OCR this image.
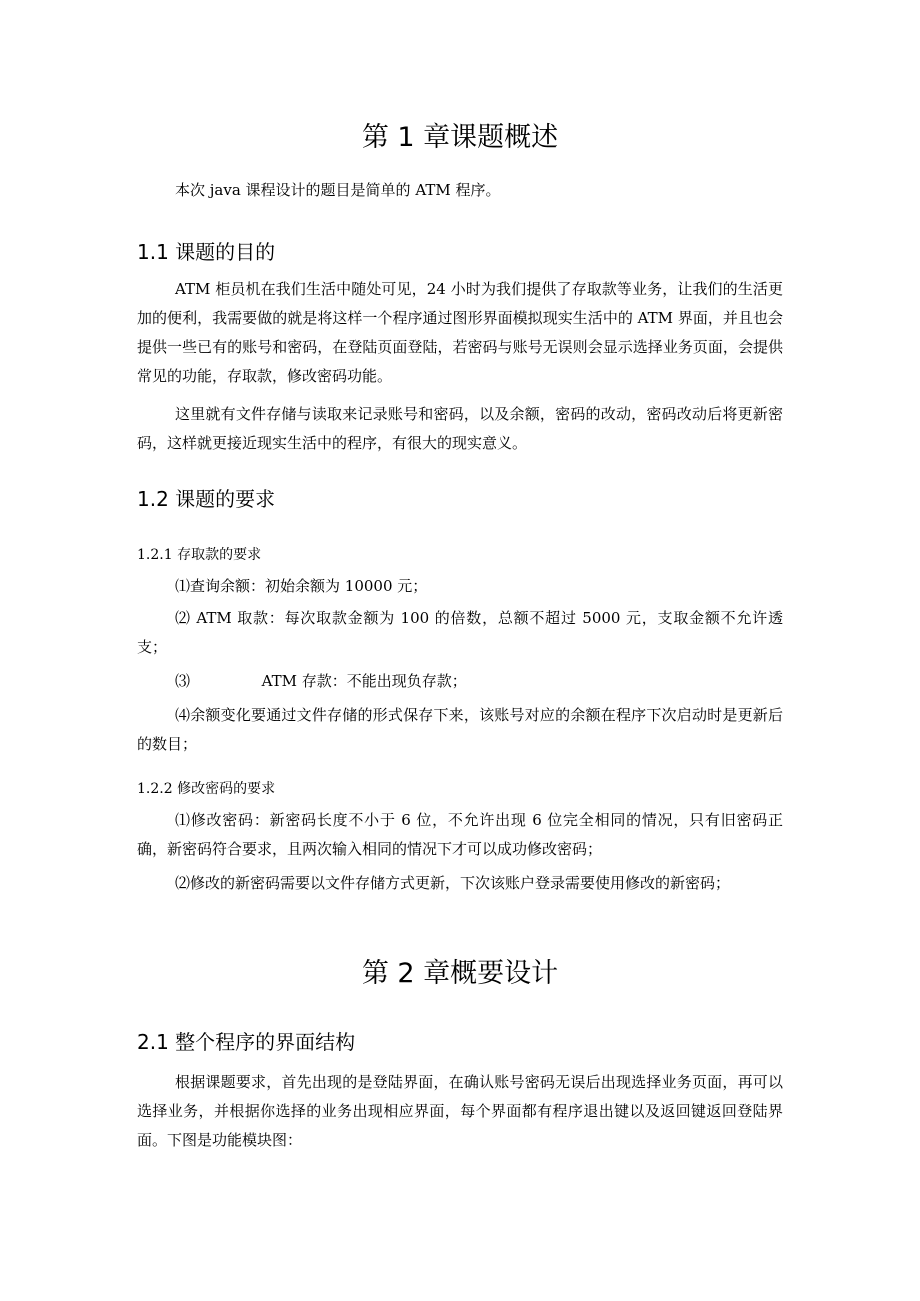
第 1 章课题概述

本次 java 课程设计的题目是简单的 ATM 程序。

1.1 课题的目的

ATM 柜员机在我们生活中随处可见，24 小时为我们提供了存取款等业务，让我们的生活更加的便利，我需要做的就是将这样一个程序通过图形界面模拟现实生活中的 ATM 界面，并且也会提供一些已有的账号和密码，在登陆页面登陆，若密码与账号无误则会显示选择业务页面，会提供常见的功能，存取款，修改密码功能。

这里就有文件存储与读取来记录账号和密码，以及余额，密码的改动，密码改动后将更新密码，这样就更接近现实生活中的程序，有很大的现实意义。

1.2 课题的要求
1.2.1 存取款的要求

⑴查询余额：初始余额为 10000 元；

⑵ ATM 取款：每次取款金额为 100 的倍数，总额不超过 5000 元，支取金额不允许透支；

⑶	ATM 存款：不能出现负存款；

⑷余额变化要通过文件存储的形式保存下来，该账号对应的余额在程序下次启动时是更新后的数目；

1.2.2 修改密码的要求

⑴修改密码：新密码长度不小于 6 位，不允许出现 6 位完全相同的情况，只有旧密码正确，新密码符合要求，且两次输入相同的情况下才可以成功修改密码；

⑵修改的新密码需要以文件存储方式更新，下次该账户登录需要使用修改的新密码；

第 2 章概要设计
2.1 整个程序的界面结构

根据课题要求，首先出现的是登陆界面，在确认账号密码无误后出现选择业务页面，再可以选择业务，并根据你选择的业务出现相应界面，每个界面都有程序退出键以及返回键返回登陆界面。下图是功能模块图：
